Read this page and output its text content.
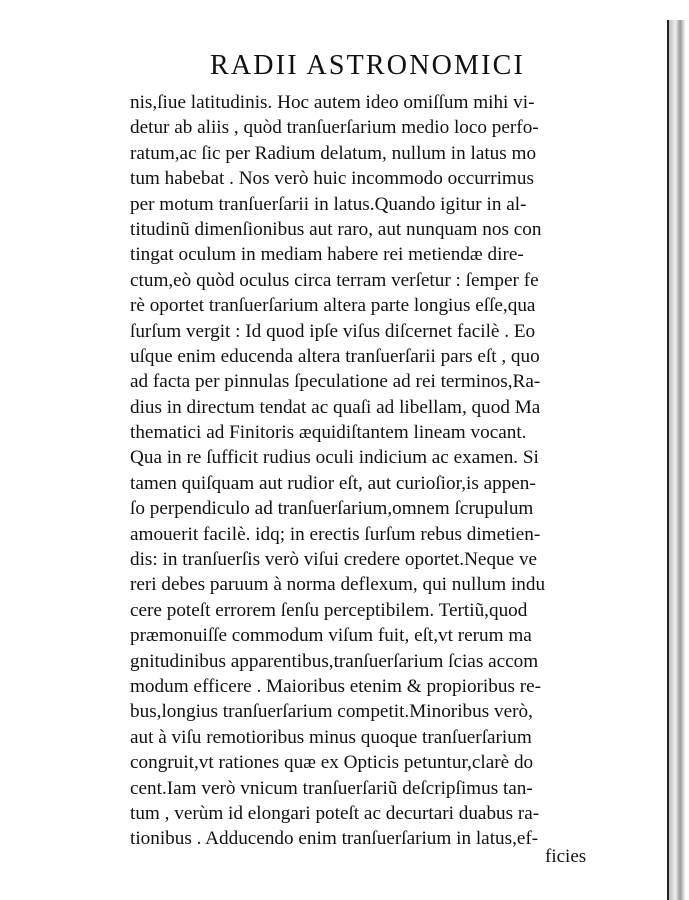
RADII ASTRONOMICI
nis,ſiue latitudinis. Hoc autem ideo omiſſum mihi vi-
detur ab aliis , quòd tranſuerſarium medio loco perfo-
ratum,ac ſic per Radium delatum, nullum in latus mo
tum habebat . Nos verò huic incommodo occurrimus
per motum tranſuerſarii in latus.Quando igitur in al-
titudinũ dimenſionibus aut raro, aut nunquam nos con
tingat oculum in mediam habere rei metiendæ dire-
ctum,eò quòd oculus circa terram verſetur : ſemper fe
rè oportet tranſuerſarium altera parte longius eſſe,qua
ſurſum vergit : Id quod ipſe viſus diſcernet facilè . Eo
uſque enim educenda altera tranſuerſarii pars eſt , quo
ad facta per pinnulas ſpeculatione ad rei terminos,Ra-
dius in directum tendat ac quaſi ad libellam, quod Ma
thematici ad Finitoris æquidiſtantem lineam vocant.
Qua in re ſufficit rudius oculi indicium ac examen. Si
tamen quiſquam aut rudior eſt, aut curioſior,is appen-
ſo perpendiculo ad tranſuerſarium,omnem ſcrupulum
amouerit facilè. idq; in erectis ſurſum rebus dimetien-
dis: in tranſuerſis verò viſui credere oportet.Neque ve
reri debes paruum à norma deflexum, qui nullum indu
cere poteſt errorem ſenſu perceptibilem. Tertiũ,quod
præmonuiſſe commodum viſum fuit, eſt,vt rerum ma
gnitudinibus apparentibus,tranſuerſarium ſcias accom
modum efficere . Maioribus etenim & propioribus re-
bus,longius tranſuerſarium competit.Minoribus verò,
aut à viſu remotioribus minus quoque tranſuerſarium
congruit,vt rationes quæ ex Opticis petuntur,clarè do
cent.Iam verò vnicum tranſuerſariũ deſcripſimus tan-
tum , verùm id elongari poteſt ac decurtari duabus ra-
tionibus . Adducendo enim tranſuerſarium in latus,ef-
ficies
